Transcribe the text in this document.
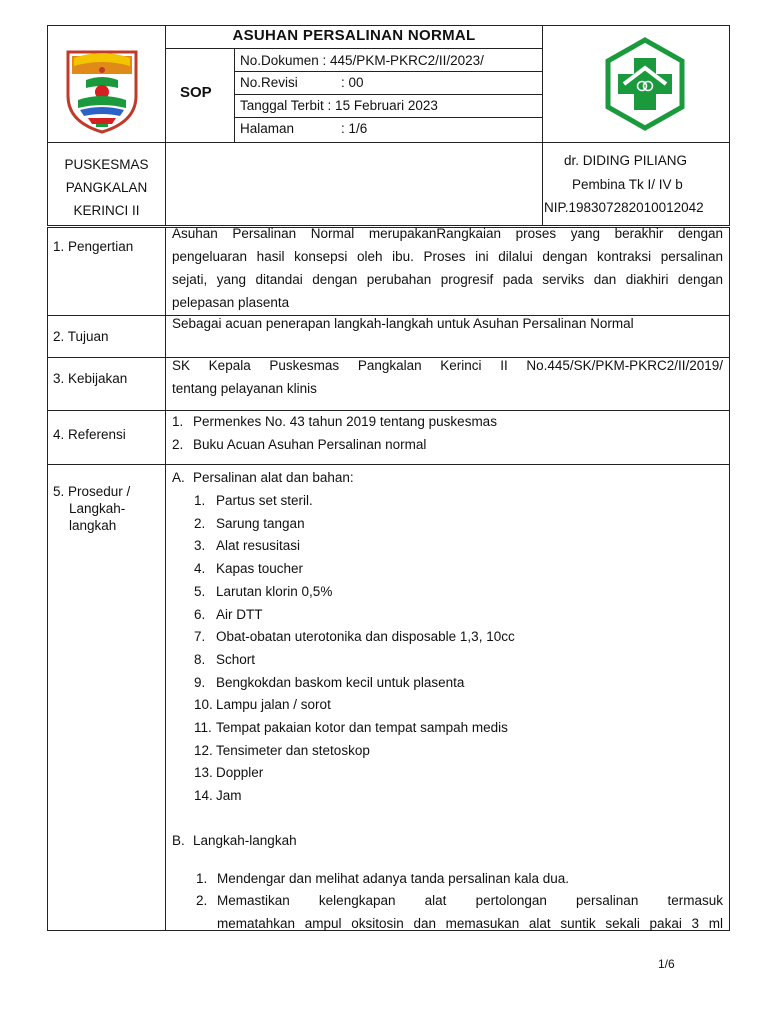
ASUHAN PERSALINAN NORMAL
SOP
No.Dokumen : 445/PKM-PKRC2/II/2023/
No.Revisi	: 00
Tanggal Terbit : 15 Februari 2023
Halaman	: 1/6
PUSKESMAS
PANGKALAN
KERINCI II
dr. DIDING PILIANG
Pembina Tk I/ IV b
NIP.198307282010012042
1. Pengertian
Asuhan Persalinan Normal merupakanRangkaian proses yang berakhir dengan
pengeluaran hasil konsepsi oleh ibu. Proses ini dilalui dengan kontraksi persalinan
sejati, yang ditandai dengan perubahan progresif pada serviks dan diakhiri dengan
pelepasan plasenta
2. Tujuan
Sebagai acuan penerapan langkah-langkah untuk Asuhan Persalinan Normal
3. Kebijakan
SK Kepala Puskesmas Pangkalan Kerinci II No.445/SK/PKM-PKRC2/II/2019/
tentang pelayanan klinis
4. Referensi
1. Permenkes No. 43 tahun 2019 tentang puskesmas
2. Buku Acuan Asuhan Persalinan normal
5. Prosedur /
Langkah-
langkah
A. Persalinan alat dan bahan:
1. Partus set steril.
2. Sarung tangan
3. Alat resusitasi
4. Kapas toucher
5. Larutan klorin 0,5%
6. Air DTT
7. Obat-obatan uterotonika dan disposable 1,3, 10cc
8. Schort
9. Bengkokdan baskom kecil untuk plasenta
10. Lampu jalan / sorot
11. Tempat pakaian kotor dan tempat sampah medis
12. Tensimeter dan stetoskop
13. Doppler
14. Jam
B. Langkah-langkah
1. Mendengar dan melihat adanya tanda persalinan kala dua.
2. Memastikan kelengkapan alat pertolongan persalinan termasuk
mematahkan ampul oksitosin dan memasukan alat suntik sekali pakai 3 ml
1/6
